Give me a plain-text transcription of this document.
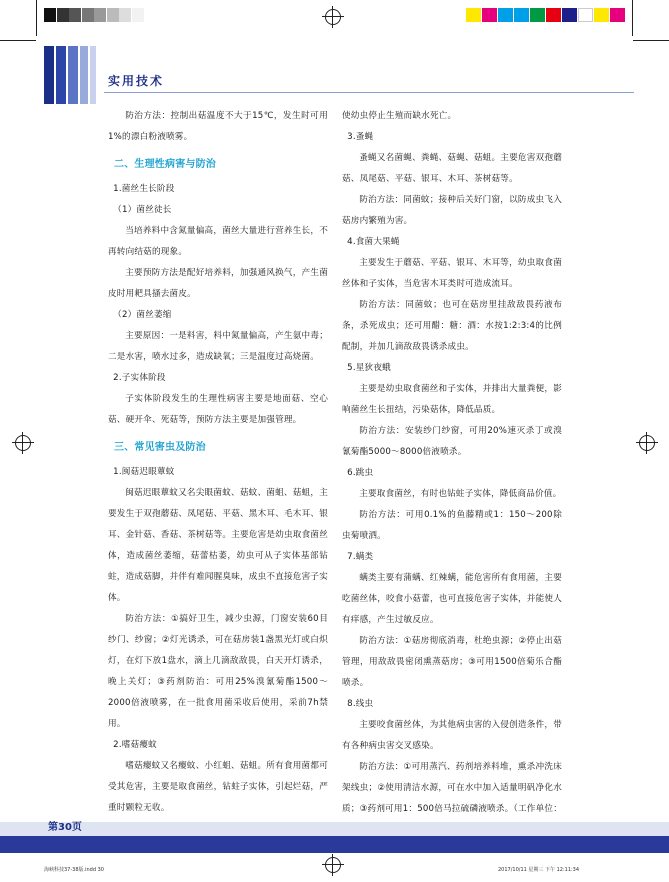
实用技术

防治方法：控制出菇温度不大于15℃，发生时可用1%的漂白粉液喷雾。

二、生理性病害与防治

1.菌丝生长阶段

（1）菌丝徒长

当培养料中含氮量偏高，菌丝大量进行营养生长，不再转向结菇的现象。

主要预防方法是配好培养料，加强通风换气，产生菌皮时用耙具搔去菌皮。

（2）菌丝萎缩

主要原因：一是料害，料中氮量偏高，产生氨中毒；二是水害，喷水过多，造成缺氧；三是温度过高烧菌。

2.子实体阶段

子实体阶段发生的生理性病害主要是地面菇、空心菇、硬开伞、死菇等，预防方法主要是加强管理。

三、常见害虫及防治

1.闽菇迟眼蕈蚊

闽菇迟眼蕈蚊又名尖眼菌蚊、菇蚊、菌蛆、菇蛆，主要发生于双孢蘑菇、凤尾菇、平菇、黑木耳、毛木耳、银耳、金针菇、香菇、茶树菇等。主要危害是幼虫取食菌丝体，造成菌丝萎缩，菇蕾枯萎，幼虫可从子实体基部钻蛀，造成菇脚，并伴有难闻腥臭味，成虫不直接危害子实体。

防治方法：①搞好卫生，减少虫源，门窗安装60目纱门、纱窗；②灯光诱杀，可在菇房装1盏黑光灯或白炽灯，在灯下放1盘水，滴上几滴敌敌畏，白天开灯诱杀，晚上关灯；③药剂防治：可用25%溴氰菊酯1500～2000倍液喷雾，在一批食用菌采收后使用，采前7h禁用。

2.嗜菇瘿蚊

嗜菇瘿蚊又名瘿蚊、小红蛆、菇蛆。所有食用菌都可受其危害，主要是取食菌丝，钻蛀子实体，引起烂菇，严重时颗粒无收。

使幼虫停止生殖而缺水死亡。

3.蚤蝇

蚤蝇又名菌蝇、粪蝇、菇蝇、菇蛆。主要危害双孢蘑菇、凤尾菇、平菇、银耳、木耳、茶树菇等。

防治方法：同菌蚊；接种后关好门窗，以防成虫飞入菇房内繁殖为害。

4.食菌大果蝇

主要发生于蘑菇、平菇、银耳、木耳等，幼虫取食菌丝体和子实体，当危害木耳类时可造成流耳。

防治方法：同菌蚊；也可在菇房里挂敌敌畏药液布条，杀死成虫；还可用醋：糖：酒：水按1:2:3:4的比例配制，并加几滴敌敌畏诱杀成虫。

5.星狄夜蛾

主要是幼虫取食菌丝和子实体，并排出大量粪便，影响菌丝生长扭结，污染菇体，降低品质。

防治方法：安装纱门纱窗，可用20%速灭杀丁或溴氰菊酯5000～8000倍液喷杀。

6.跳虫

主要取食菌丝，有时也钻蛀子实体，降低商品价值。

防治方法：可用0.1%的鱼藤精或1：150～200除虫菊喷洒。

7.螨类

螨类主要有蒲螨、红辣螨，能危害所有食用菌，主要吃菌丝体，咬食小菇蕾，也可直接危害子实体，并能使人有痒感，产生过敏反应。

防治方法：①菇房彻底消毒，杜绝虫源；②停止出菇管理，用敌敌畏密闭熏蒸菇房；③可用1500倍菊乐合酯喷杀。

8.线虫

主要咬食菌丝体，为其他病虫害的入侵创造条件，带有各种病虫害交叉感染。

防治方法：①可用蒸汽、药剂培养料堆，熏杀冲洗床架线虫；②使用清洁水源，可在水中加入适量明矾净化水质；③药剂可用1：500倍马拉硫磷液喷杀。（工作单位：

第30页
海峡科技37-38版.indd 30	2017/10/11 星期三 下午 12:11:34
